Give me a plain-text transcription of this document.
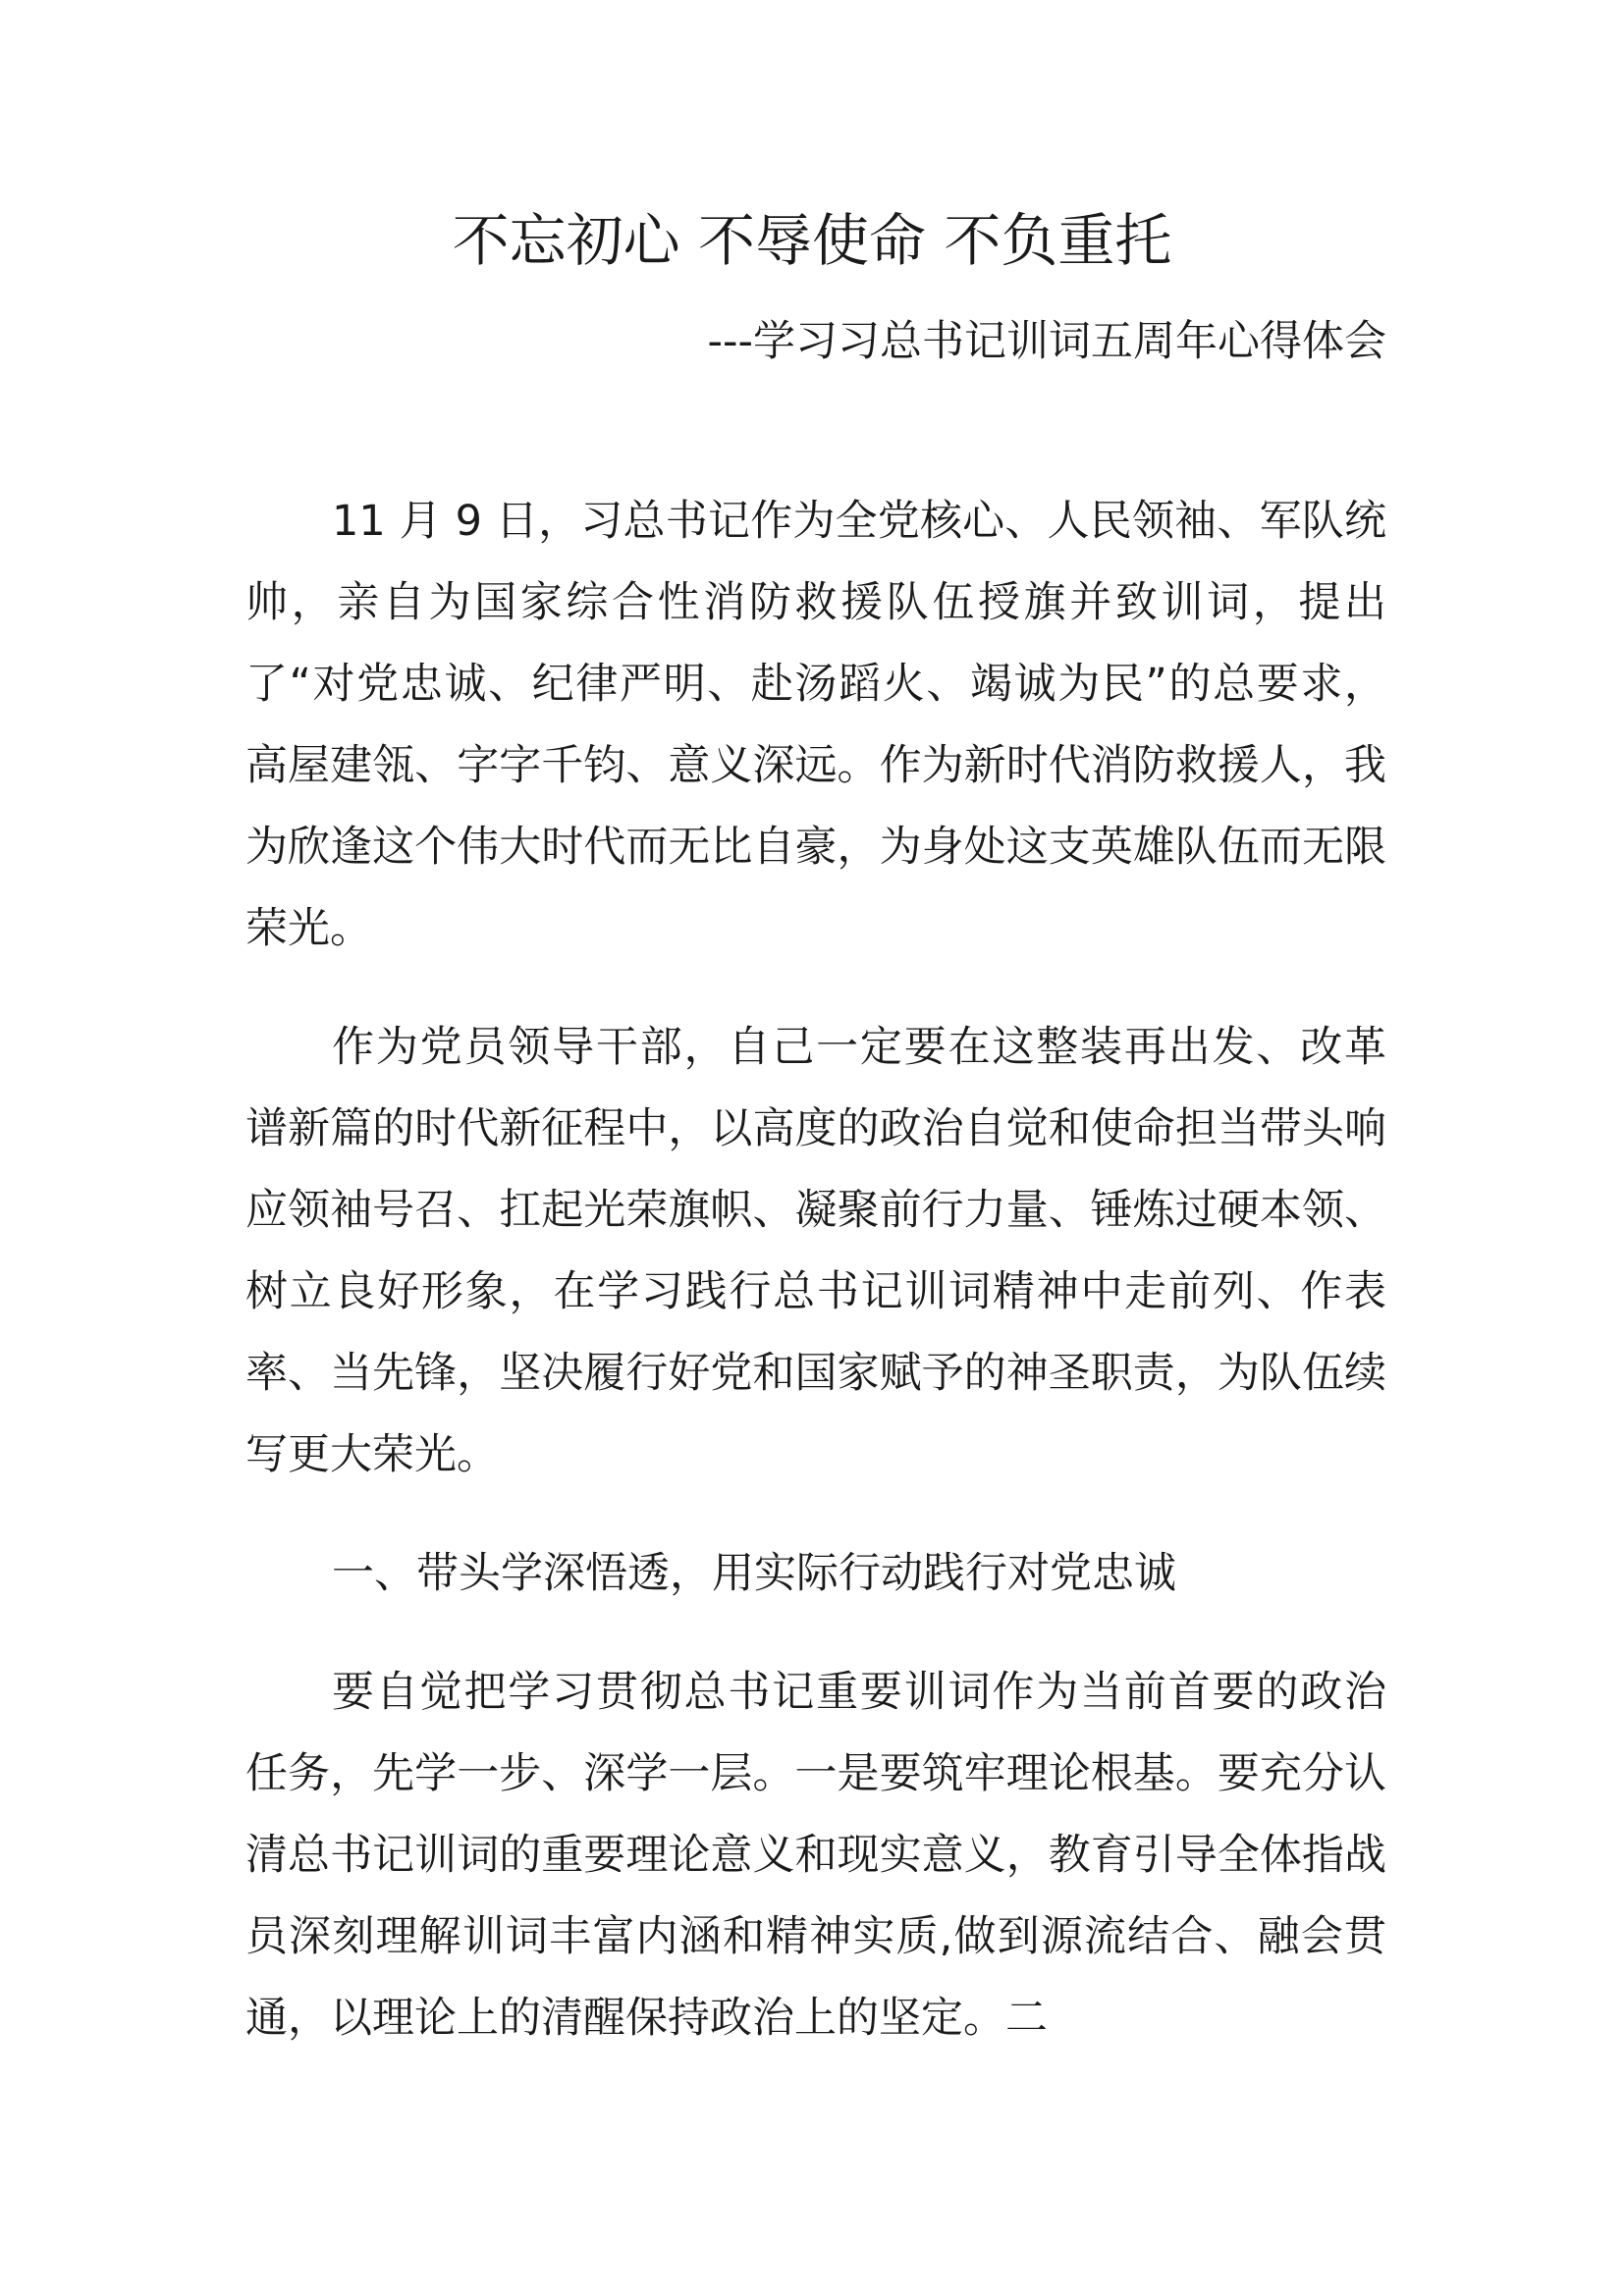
不忘初心 不辱使命 不负重托

---学习习总书记训词五周年心得体会

11 月 9 日，习总书记作为全党核心、人民领袖、军队统帅，亲自为国家综合性消防救援队伍授旗并致训词，提出了“对党忠诚、纪律严明、赴汤蹈火、竭诚为民”的总要求，高屋建瓴、字字千钧、意义深远。作为新时代消防救援人，我为欣逢这个伟大时代而无比自豪，为身处这支英雄队伍而无限荣光。

作为党员领导干部，自己一定要在这整装再出发、改革谱新篇的时代新征程中，以高度的政治自觉和使命担当带头响应领袖号召、扛起光荣旗帜、凝聚前行力量、锤炼过硬本领、树立良好形象，在学习践行总书记训词精神中走前列、作表率、当先锋，坚决履行好党和国家赋予的神圣职责，为队伍续写更大荣光。

一、带头学深悟透，用实际行动践行对党忠诚

要自觉把学习贯彻总书记重要训词作为当前首要的政治任务，先学一步、深学一层。一是要筑牢理论根基。要充分认清总书记训词的重要理论意义和现实意义，教育引导全体指战员深刻理解训词丰富内涵和精神实质,做到源流结合、融会贯通，以理论上的清醒保持政治上的坚定。二
